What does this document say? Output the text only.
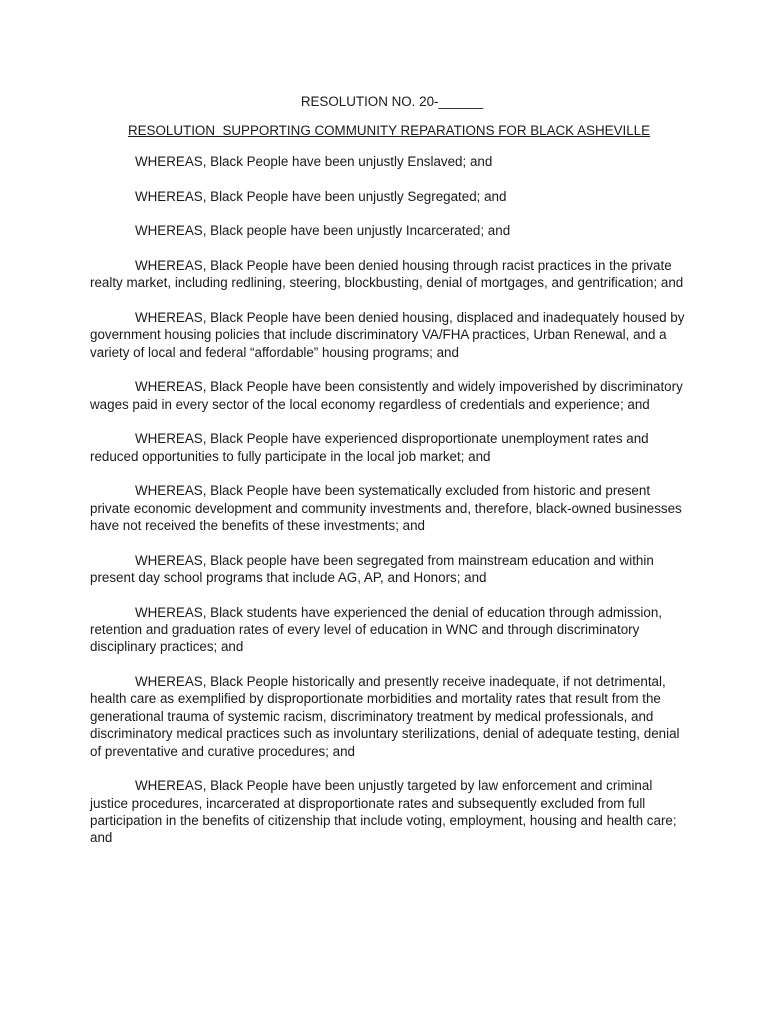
RESOLUTION NO. 20-______
RESOLUTION  SUPPORTING COMMUNITY REPARATIONS FOR BLACK ASHEVILLE

WHEREAS, Black People have been unjustly Enslaved; and

WHEREAS, Black People have been unjustly Segregated; and

WHEREAS, Black people have been unjustly Incarcerated; and

WHEREAS, Black People have been denied housing through racist practices in the private realty market, including redlining, steering, blockbusting, denial of mortgages, and gentrification; and

WHEREAS, Black People have been denied housing, displaced and inadequately housed by government housing policies that include discriminatory VA/FHA practices, Urban Renewal, and a variety of local and federal “affordable” housing programs; and

WHEREAS, Black People have been consistently and widely impoverished by discriminatory wages paid in every sector of the local economy regardless of credentials and experience; and

WHEREAS, Black People have experienced disproportionate unemployment rates and reduced opportunities to fully participate in the local job market; and

WHEREAS, Black People have been systematically excluded from historic and present private economic development and community investments and, therefore, black-owned businesses have not received the benefits of these investments; and

WHEREAS, Black people have been segregated from mainstream education and within present day school programs that include AG, AP, and Honors; and

WHEREAS, Black students have experienced the denial of education through admission, retention and graduation rates of every level of education in WNC and through discriminatory disciplinary practices; and

WHEREAS, Black People historically and presently receive inadequate, if not detrimental, health care as exemplified by disproportionate morbidities and mortality rates that result from the generational trauma of systemic racism, discriminatory treatment by medical professionals, and discriminatory medical practices such as involuntary sterilizations, denial of adequate testing, denial of preventative and curative procedures; and

WHEREAS, Black People have been unjustly targeted by law enforcement and criminal justice procedures, incarcerated at disproportionate rates and subsequently excluded from full participation in the benefits of citizenship that include voting, employment, housing and health care; and
